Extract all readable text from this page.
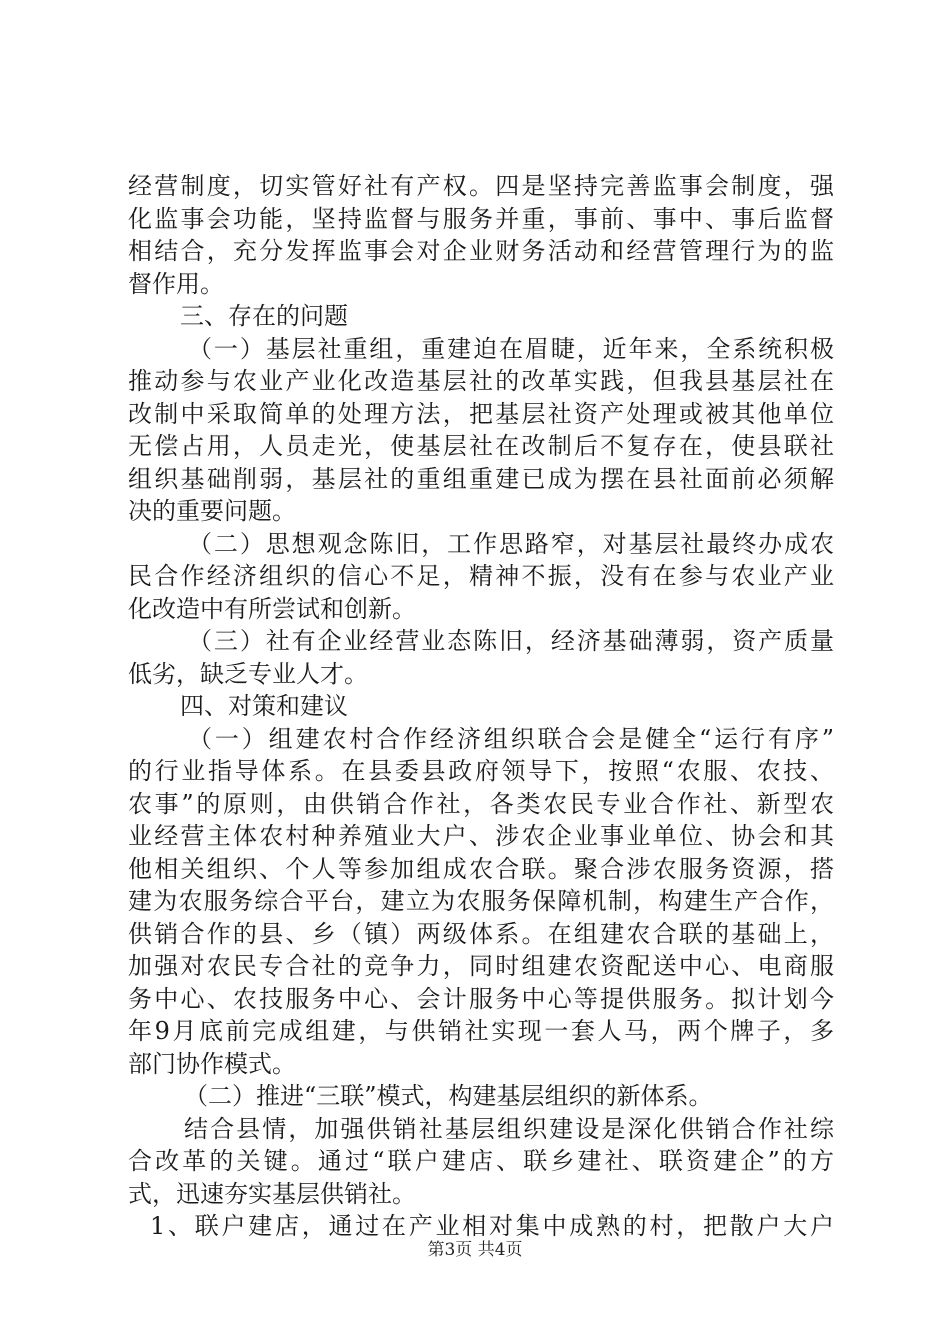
经营制度，切实管好社有产权。四是坚持完善监事会制度，强
化监事会功能，坚持监督与服务并重，事前、事中、事后监督
相结合，充分发挥监事会对企业财务活动和经营管理行为的监
督作用。
三、存在的问题
（一）基层社重组，重建迫在眉睫，近年来，全系统积极
推动参与农业产业化改造基层社的改革实践，但我县基层社在
改制中采取简单的处理方法，把基层社资产处理或被其他单位
无偿占用，人员走光，使基层社在改制后不复存在，使县联社
组织基础削弱，基层社的重组重建已成为摆在县社面前必须解
决的重要问题。
（二）思想观念陈旧，工作思路窄，对基层社最终办成农
民合作经济组织的信心不足，精神不振，没有在参与农业产业
化改造中有所尝试和创新。
（三）社有企业经营业态陈旧，经济基础薄弱，资产质量
低劣，缺乏专业人才。
四、对策和建议
（一）组建农村合作经济组织联合会是健全“运行有序”
的行业指导体系。在县委县政府领导下，按照“农服、农技、
农事”的原则，由供销合作社，各类农民专业合作社、新型农
业经营主体农村种养殖业大户、涉农企业事业单位、协会和其
他相关组织、个人等参加组成农合联。聚合涉农服务资源，搭
建为农服务综合平台，建立为农服务保障机制，构建生产合作，
供销合作的县、乡（镇）两级体系。在组建农合联的基础上，
加强对农民专合社的竞争力，同时组建农资配送中心、电商服
务中心、农技服务中心、会计服务中心等提供服务。拟计划今
年9月底前完成组建，与供销社实现一套人马，两个牌子，多
部门协作模式。
（二）推进“三联”模式，构建基层组织的新体系。
结合县情，加强供销社基层组织建设是深化供销合作社综
合改革的关键。通过“联户建店、联乡建社、联资建企”的方
式，迅速夯实基层供销社。
1、联户建店，通过在产业相对集中成熟的村，把散户大户
第3页 共4页
